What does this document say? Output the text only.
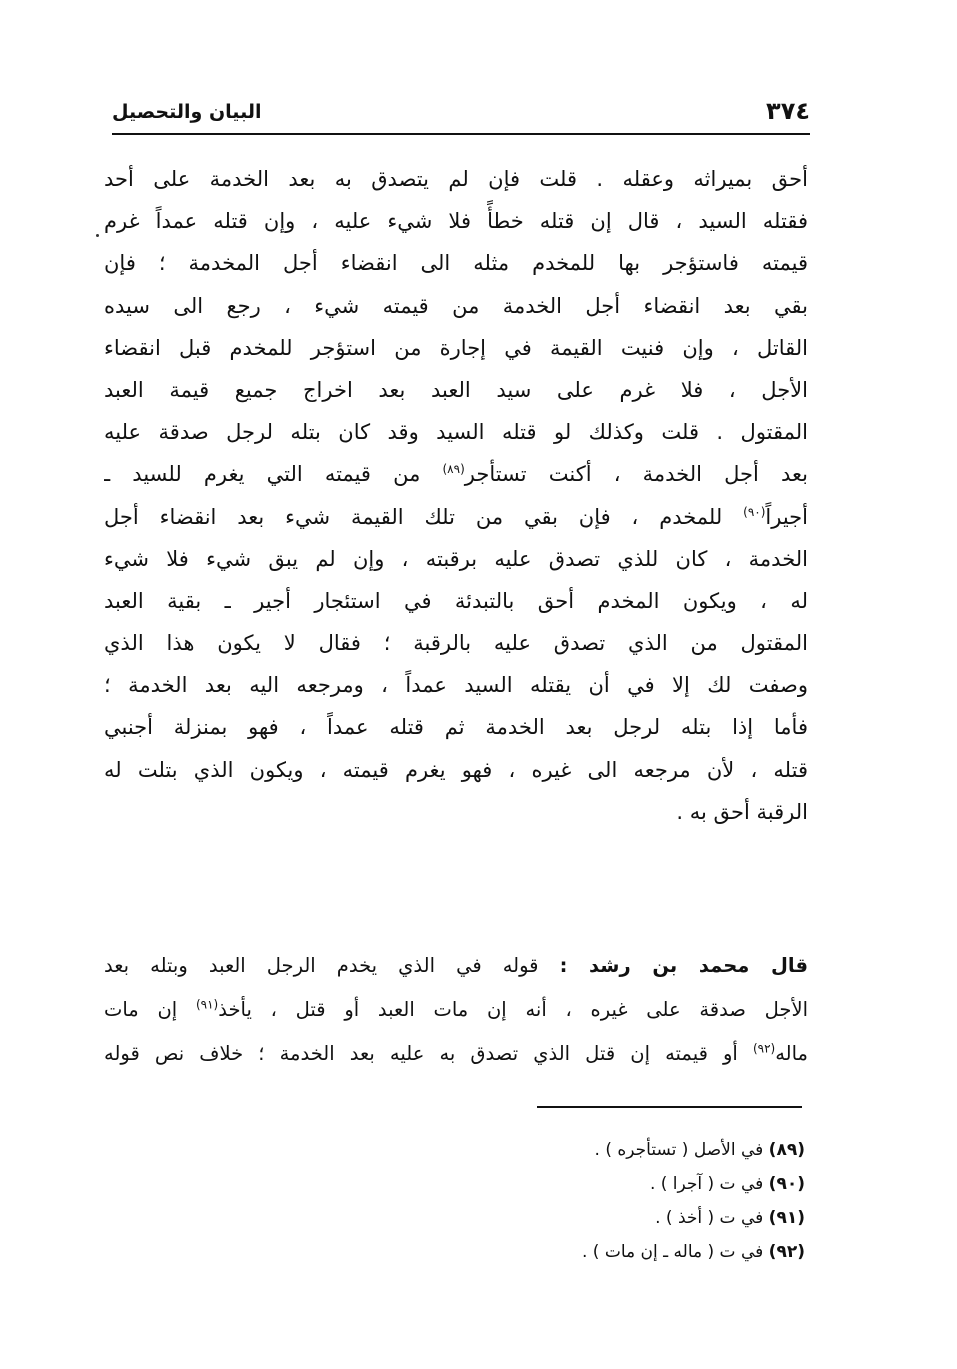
٣٧٤
البيان والتحصيل
أحق بميراثه وعقله . قلت فإن لم يتصدق به بعد الخدمة على أحد
فقتله السيد ، قال إن قتله خطأً فلا شيء عليه ، وإن قتله عمداً غرم
قيمته فاستؤجر بها للمخدم مثله الى انقضاء أجل المخدمة ؛ فإن
بقي بعد انقضاء أجل الخدمة من قيمته شيء ، رجع الى سيده
القاتل ، وإن فنيت القيمة في إجارة من استؤجر للمخدم قبل انقضاء
الأجل ، فلا غرم على سيد العبد بعد اخراج جميع قيمة العبد
المقتول . قلت وكذلك لو قتله السيد وقد كان بتله لرجل صدقة عليه
بعد أجل الخدمة ، أكنت تستأجر$^{(٨٩)}$ من قيمته التي يغرم للسيد ـ
أجيراً$^{(٩٠)}$ للمخدم ، فإن بقي من تلك القيمة شيء بعد انقضاء أجل
الخدمة ، كان للذي تصدق عليه برقبته ، وإن لم يبق شيء فلا شيء
له ، ويكون المخدم أحق بالتبدئة في استئجار أجير ـ بقية العبد
المقتول من الذي تصدق عليه بالرقبة ؛ فقال لا يكون هذا الذي
وصفت لك إلا في أن يقتله السيد عمداً ، ومرجعه اليه بعد الخدمة ؛
فأما إذا بتله لرجل بعد الخدمة ثم قتله عمداً ، فهو بمنزلة أجنبي
قتله ، لأن مرجعه الى غيره ، فهو يغرم قيمته ، ويكون الذي بتلت له
الرقبة أحق به .
قال محمد بن رشد : قوله في الذي يخدم الرجل العبد وبتله بعد
الأجل صدقة على غيره ، أنه إن مات العبد أو قتل ، يأخذ$^{(٩١)}$ إن مات
ماله$^{(٩٢)}$ أو قيمته إن قتل الذي تصدق به عليه بعد الخدمة ؛ خلاف نص قوله
(٨٩) في الأصل ( تستأجره ) .
(٩٠) في ت ( آجرا ) .
(٩١) في ت ( أخذ ) .
(٩٢) في ت ( ماله ـ إن مات ) .
